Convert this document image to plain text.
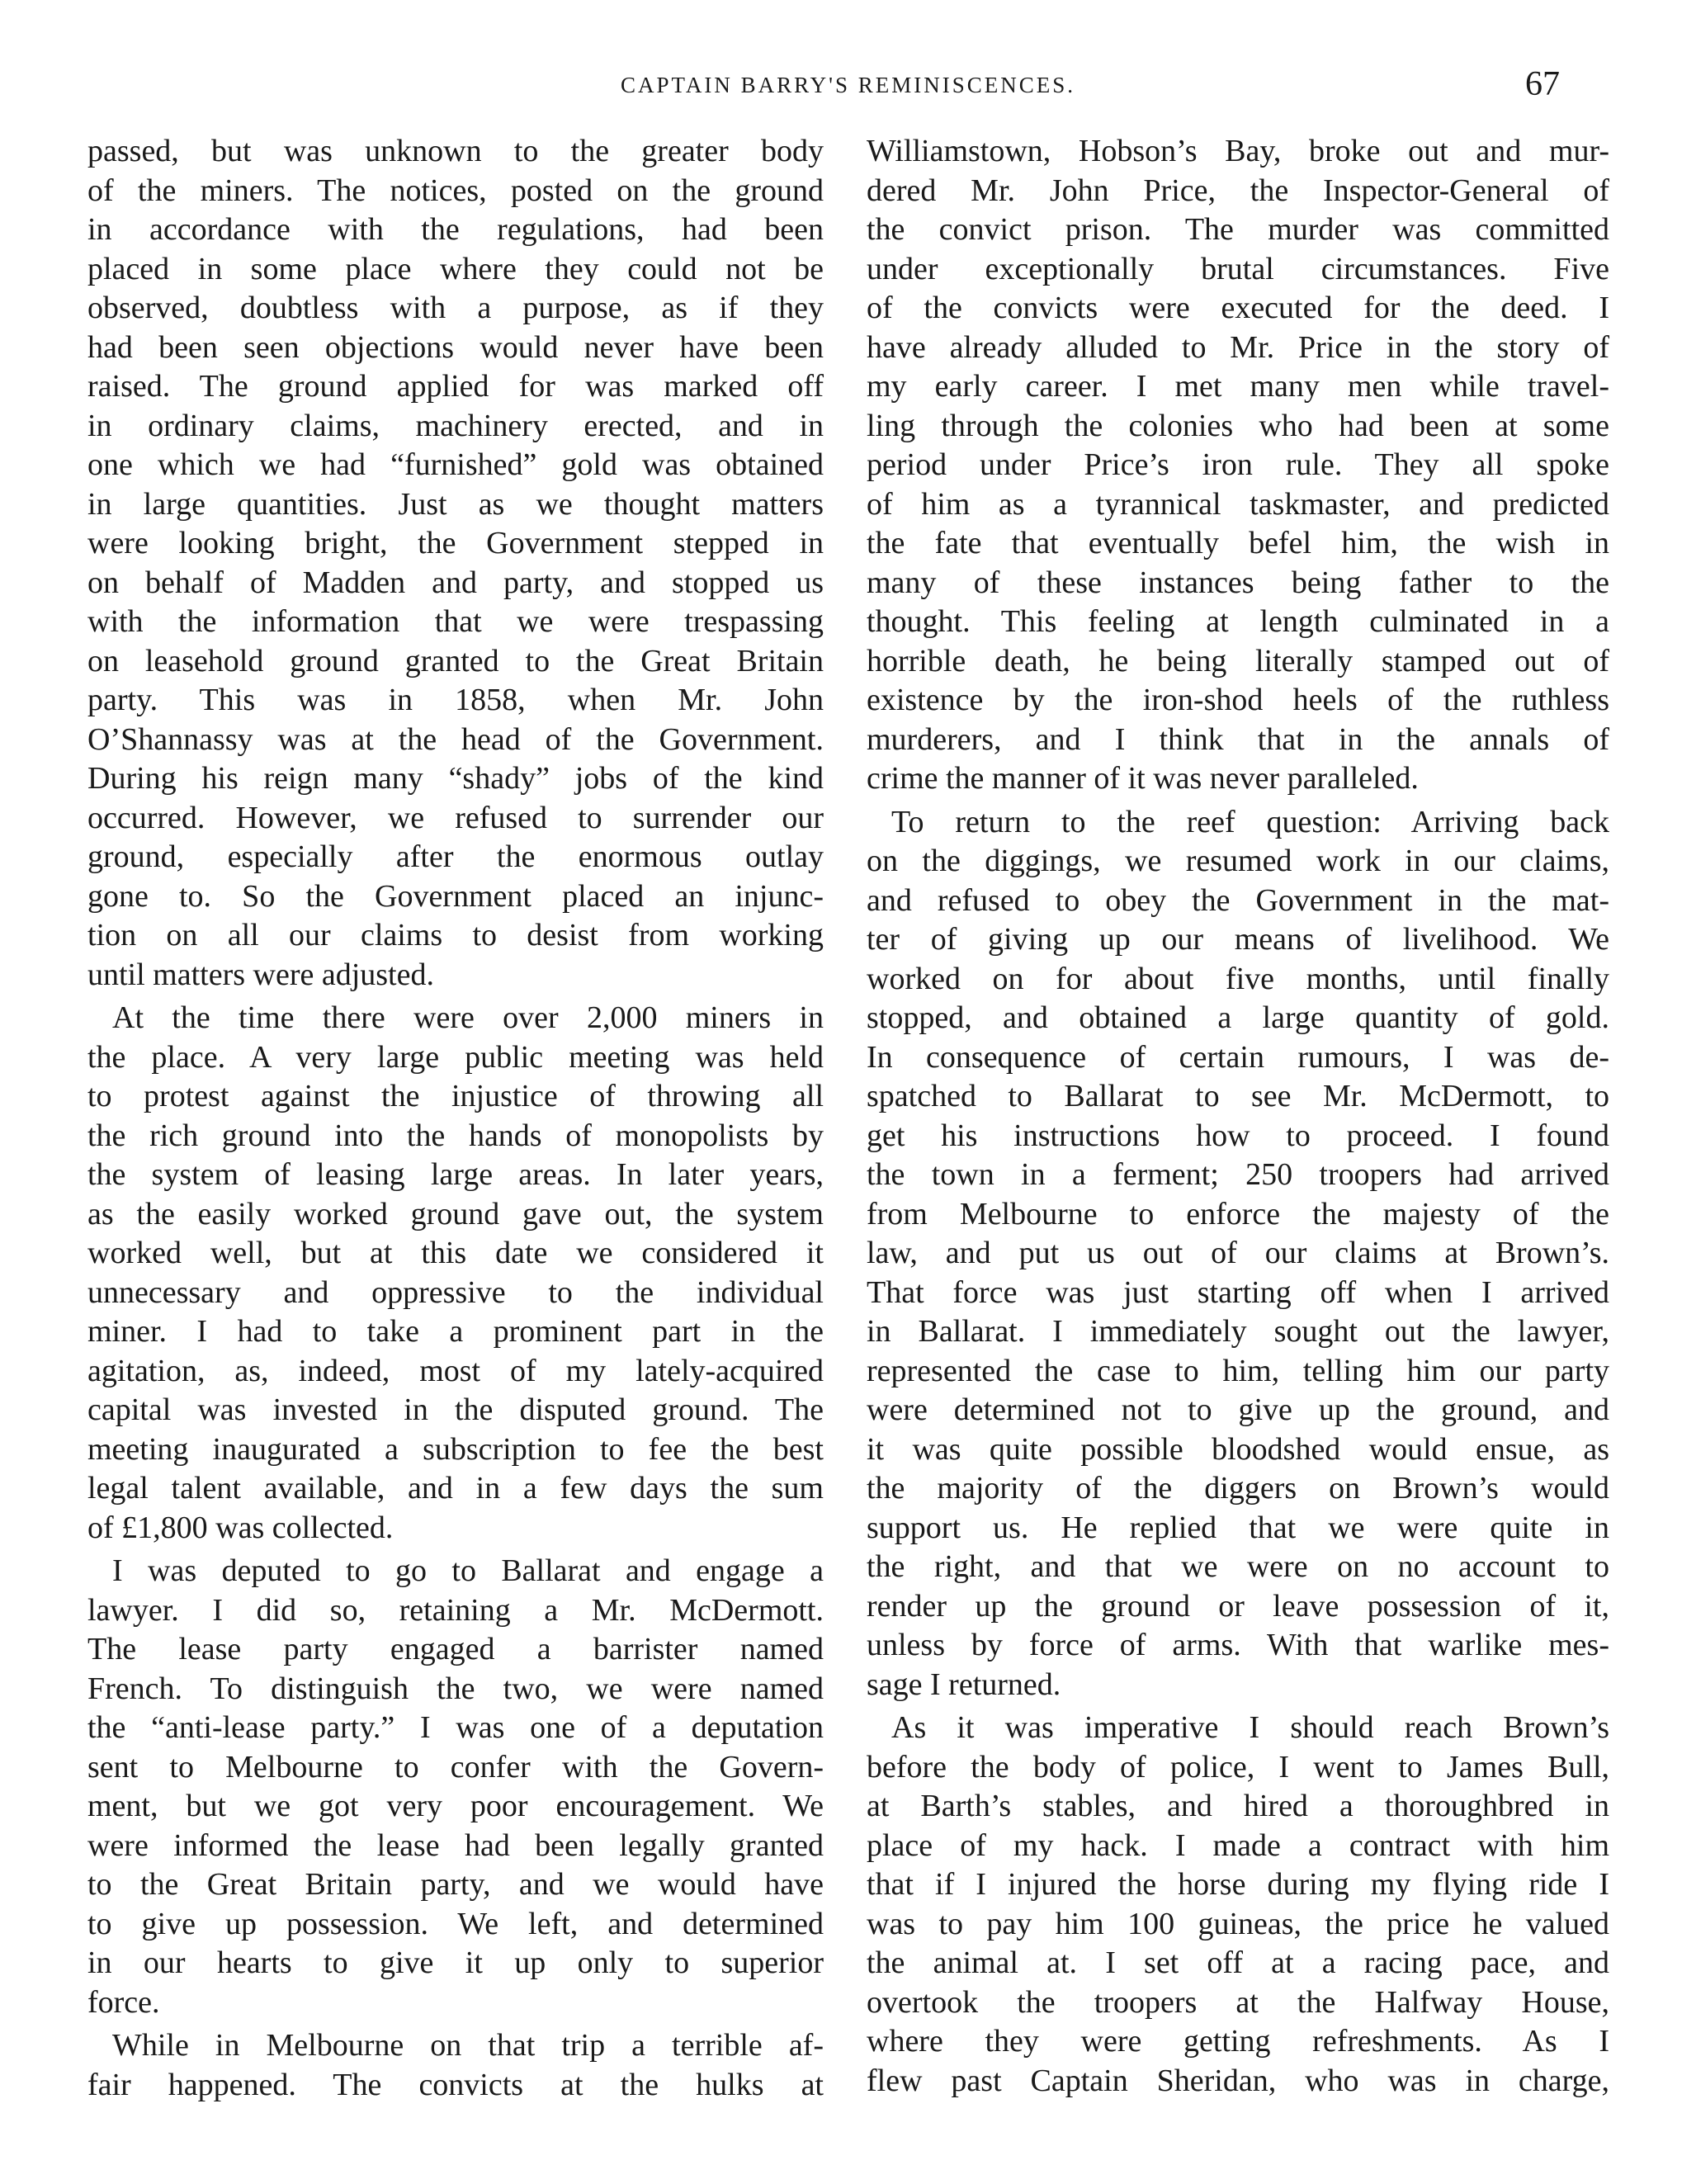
CAPTAIN BARRY'S REMINISCENCES.	67
passed, but was unknown to the greater body
of the miners. The notices, posted on the ground
in accordance with the regulations, had been
placed in some place where they could not be
observed, doubtless with a purpose, as if they
had been seen objections would never have been
raised. The ground applied for was marked off
in ordinary claims, machinery erected, and in
one which we had “furnished” gold was obtained
in large quantities. Just as we thought matters
were looking bright, the Government stepped in
on behalf of Madden and party, and stopped us
with the information that we were trespassing
on leasehold ground granted to the Great Britain
party. This was in 1858, when Mr. John
O’Shannassy was at the head of the Government.
During his reign many “shady” jobs of the kind
occurred. However, we refused to surrender our
ground, especially after the enormous outlay
gone to. So the Government placed an injunc-
tion on all our claims to desist from working
until matters were adjusted.
At the time there were over 2,000 miners in
the place. A very large public meeting was held
to protest against the injustice of throwing all
the rich ground into the hands of monopolists by
the system of leasing large areas. In later years,
as the easily worked ground gave out, the system
worked well, but at this date we considered it
unnecessary and oppressive to the individual
miner. I had to take a prominent part in the
agitation, as, indeed, most of my lately-acquired
capital was invested in the disputed ground. The
meeting inaugurated a subscription to fee the best
legal talent available, and in a few days the sum
of £1,800 was collected.
I was deputed to go to Ballarat and engage a
lawyer. I did so, retaining a Mr. McDermott.
The lease party engaged a barrister named
French. To distinguish the two, we were named
the “anti-lease party.” I was one of a deputation
sent to Melbourne to confer with the Govern-
ment, but we got very poor encouragement. We
were informed the lease had been legally granted
to the Great Britain party, and we would have
to give up possession. We left, and determined
in our hearts to give it up only to superior
force.
While in Melbourne on that trip a terrible af-
fair happened. The convicts at the hulks at
Williamstown, Hobson’s Bay, broke out and mur-
dered Mr. John Price, the Inspector-General of
the convict prison. The murder was committed
under exceptionally brutal circumstances. Five
of the convicts were executed for the deed. I
have already alluded to Mr. Price in the story of
my early career. I met many men while travel-
ling through the colonies who had been at some
period under Price’s iron rule. They all spoke
of him as a tyrannical taskmaster, and predicted
the fate that eventually befel him, the wish in
many of these instances being father to the
thought. This feeling at length culminated in a
horrible death, he being literally stamped out of
existence by the iron-shod heels of the ruthless
murderers, and I think that in the annals of
crime the manner of it was never paralleled.
To return to the reef question: Arriving back
on the diggings, we resumed work in our claims,
and refused to obey the Government in the mat-
ter of giving up our means of livelihood. We
worked on for about five months, until finally
stopped, and obtained a large quantity of gold.
In consequence of certain rumours, I was de-
spatched to Ballarat to see Mr. McDermott, to
get his instructions how to proceed. I found
the town in a ferment; 250 troopers had arrived
from Melbourne to enforce the majesty of the
law, and put us out of our claims at Brown’s.
That force was just starting off when I arrived
in Ballarat. I immediately sought out the lawyer,
represented the case to him, telling him our party
were determined not to give up the ground, and
it was quite possible bloodshed would ensue, as
the majority of the diggers on Brown’s would
support us. He replied that we were quite in
the right, and that we were on no account to
render up the ground or leave possession of it,
unless by force of arms. With that warlike mes-
sage I returned.
As it was imperative I should reach Brown’s
before the body of police, I went to James Bull,
at Barth’s stables, and hired a thoroughbred in
place of my hack. I made a contract with him
that if I injured the horse during my flying ride I
was to pay him 100 guineas, the price he valued
the animal at. I set off at a racing pace, and
overtook the troopers at the Halfway House,
where they were getting refreshments. As I
flew past Captain Sheridan, who was in charge,
